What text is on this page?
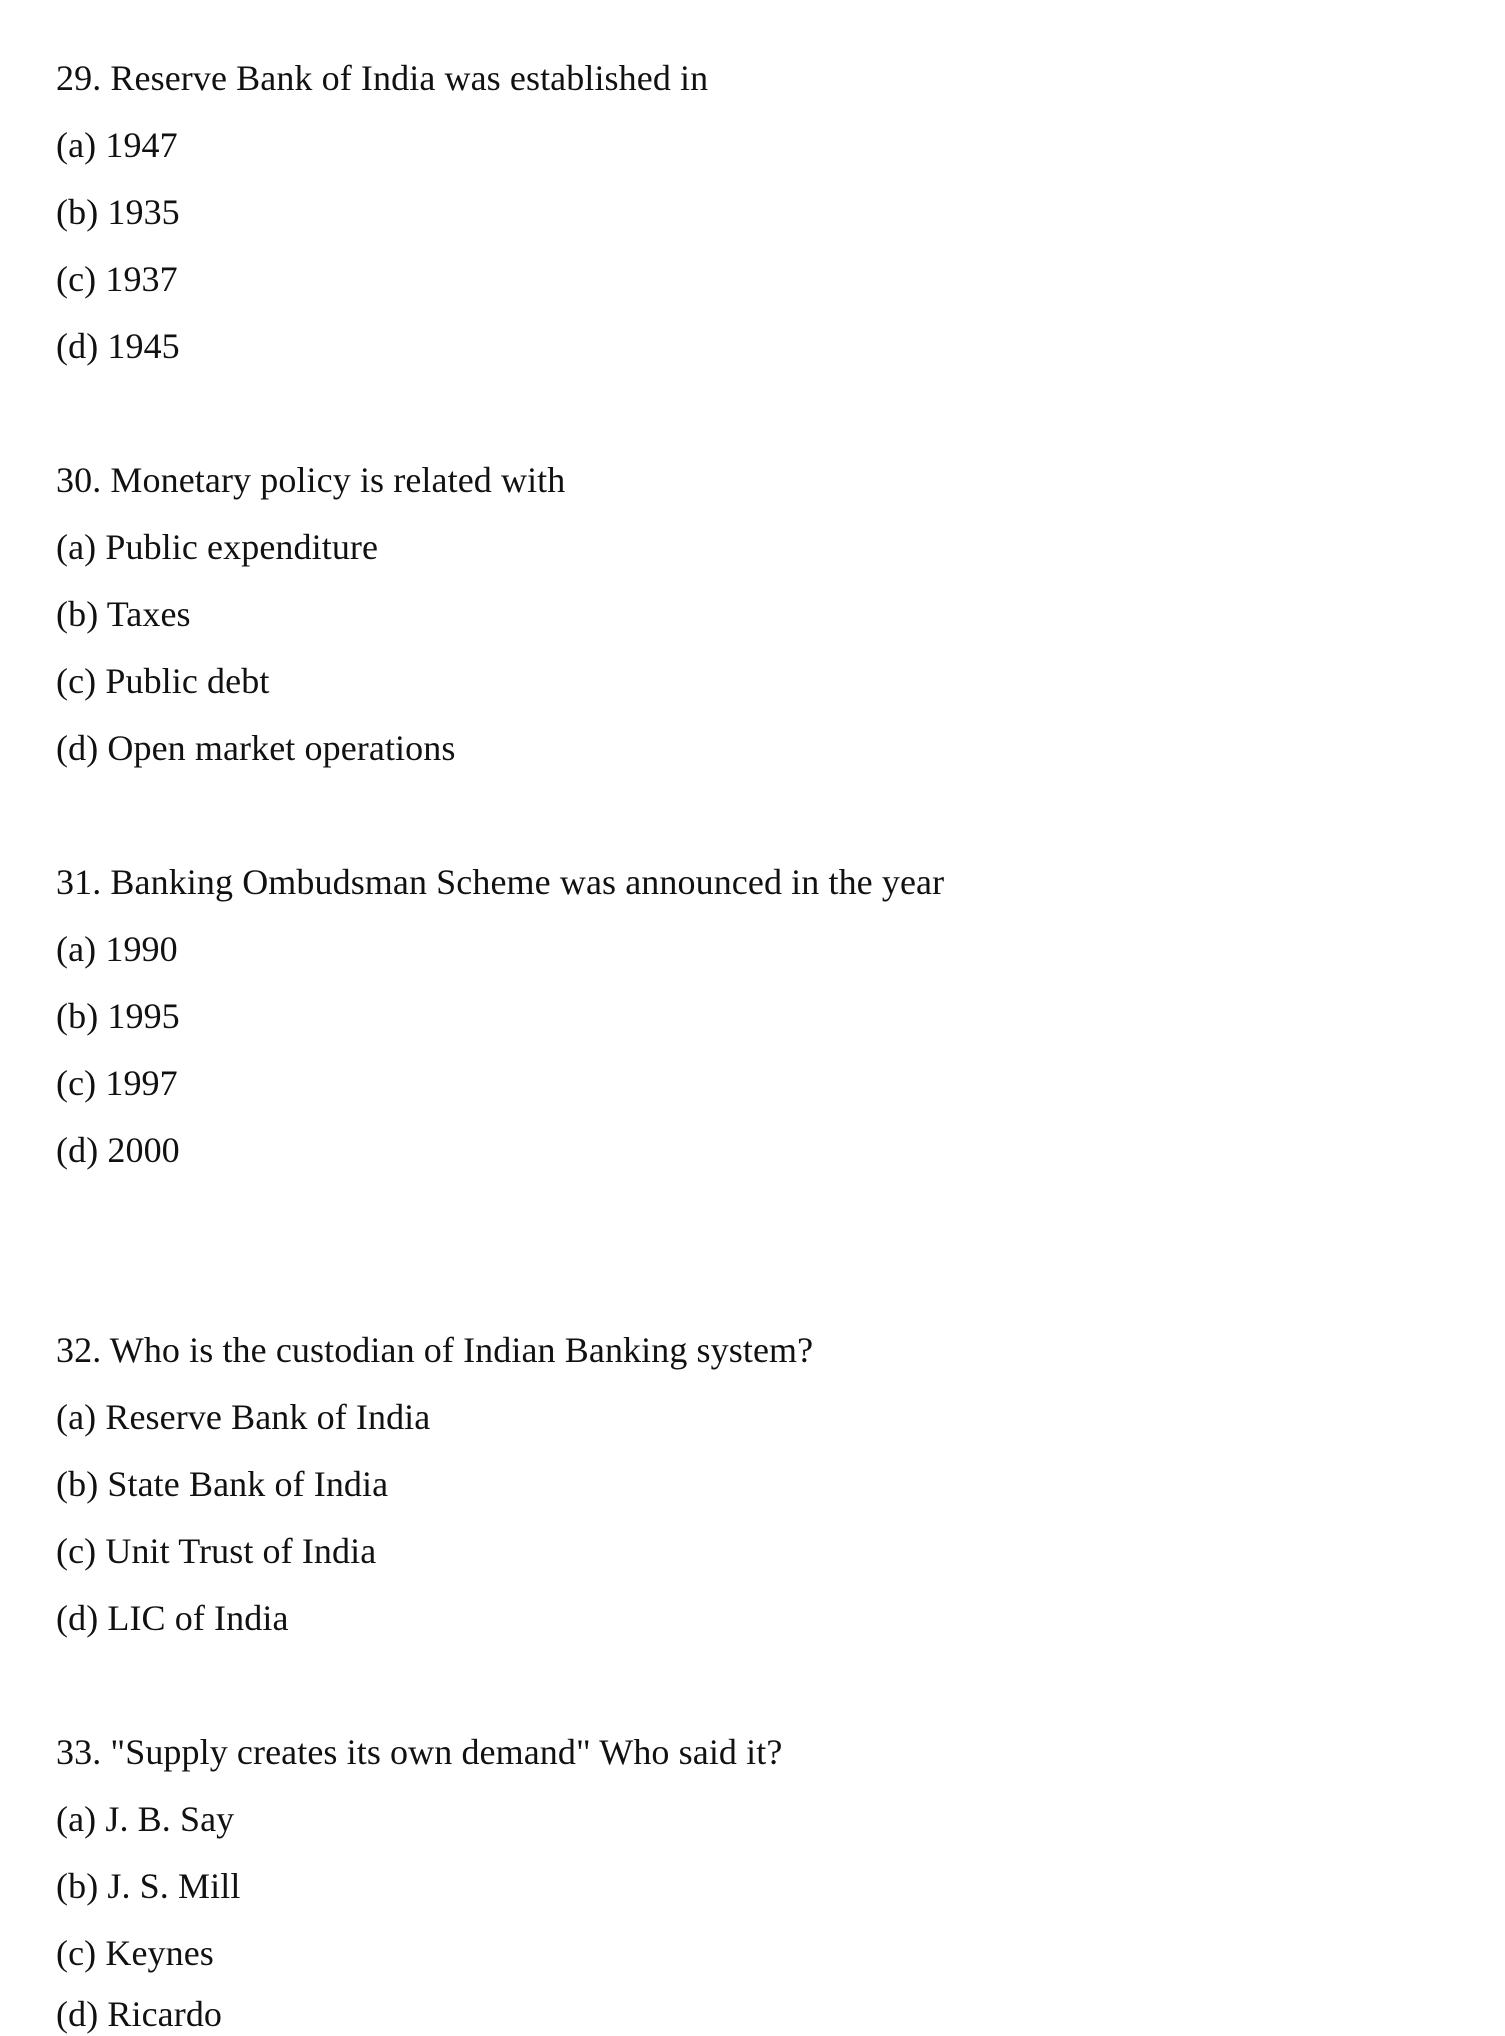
29. Reserve Bank of India was established in
(a) 1947
(b) 1935
(c) 1937
(d) 1945
30. Monetary policy is related with
(a) Public expenditure
(b) Taxes
(c) Public debt
(d) Open market operations
31. Banking Ombudsman Scheme was announced in the year
(a) 1990
(b) 1995
(c) 1997
(d) 2000
32. Who is the custodian of Indian Banking system?
(a) Reserve Bank of India
(b) State Bank of India
(c) Unit Trust of India
(d) LIC of India
33. "Supply creates its own demand" Who said it?
(a) J. B. Say
(b) J. S. Mill
(c) Keynes
(d) Ricardo
